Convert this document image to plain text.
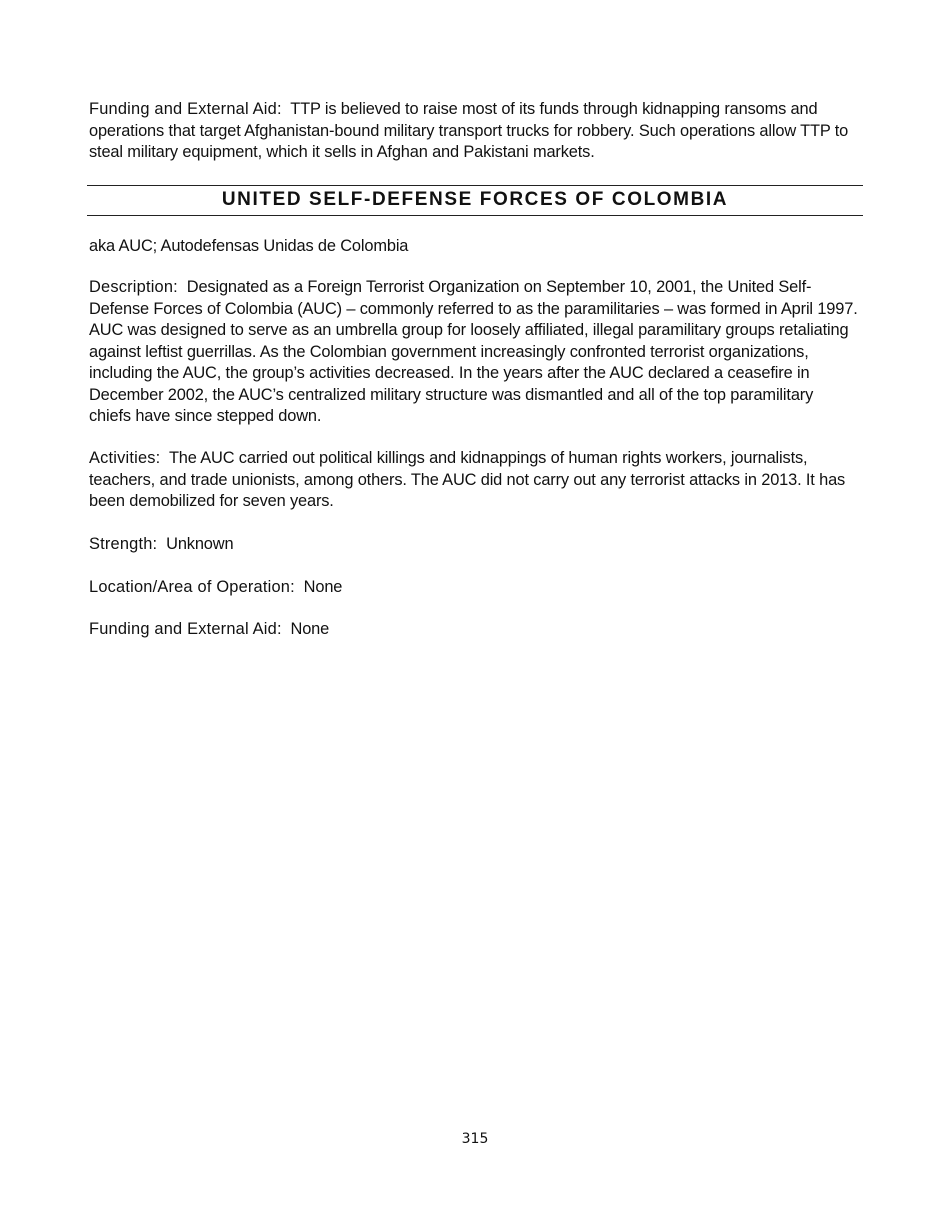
Funding and External Aid: TTP is believed to raise most of its funds through kidnapping ransoms and operations that target Afghanistan-bound military transport trucks for robbery. Such operations allow TTP to steal military equipment, which it sells in Afghan and Pakistani markets.

UNITED SELF-DEFENSE FORCES OF COLOMBIA

aka AUC; Autodefensas Unidas de Colombia

Description: Designated as a Foreign Terrorist Organization on September 10, 2001, the United Self-Defense Forces of Colombia (AUC) – commonly referred to as the paramilitaries – was formed in April 1997. AUC was designed to serve as an umbrella group for loosely affiliated, illegal paramilitary groups retaliating against leftist guerrillas. As the Colombian government increasingly confronted terrorist organizations, including the AUC, the group’s activities decreased. In the years after the AUC declared a ceasefire in December 2002, the AUC’s centralized military structure was dismantled and all of the top paramilitary chiefs have since stepped down.

Activities: The AUC carried out political killings and kidnappings of human rights workers, journalists, teachers, and trade unionists, among others. The AUC did not carry out any terrorist attacks in 2013. It has been demobilized for seven years.

Strength: Unknown

Location/Area of Operation: None

Funding and External Aid: None

315
